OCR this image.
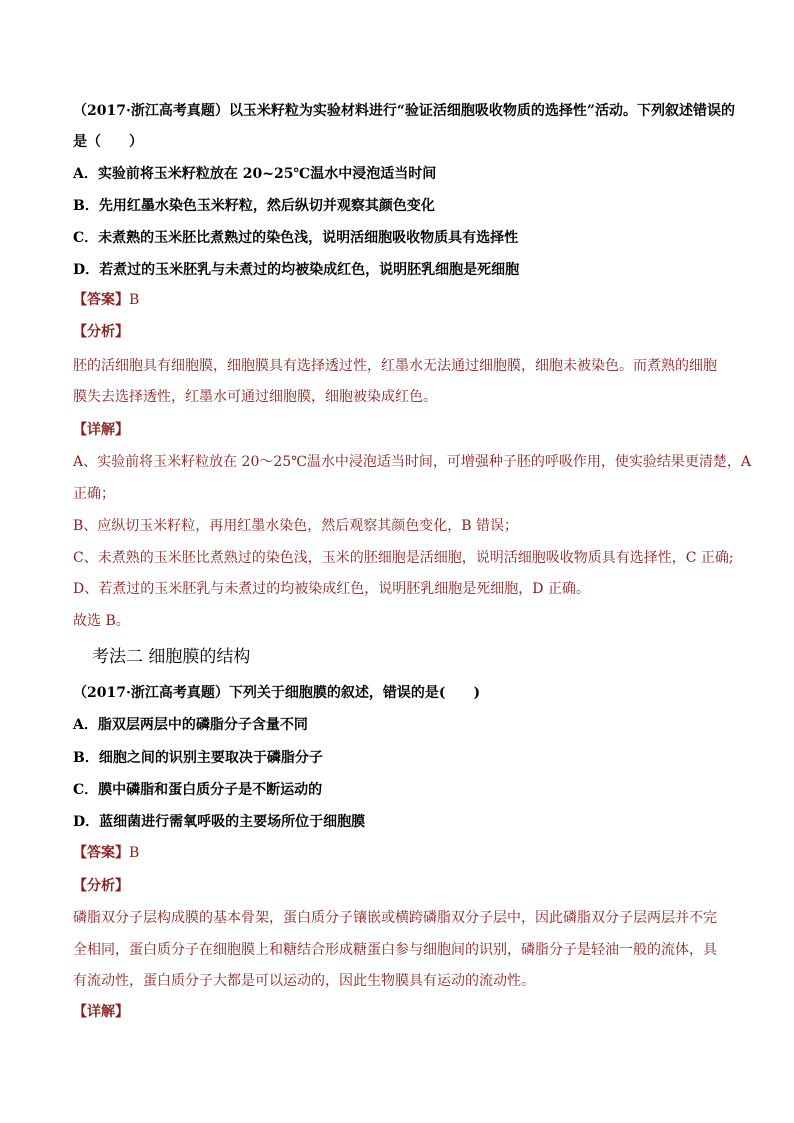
（2017·浙江高考真题）以玉米籽粒为实验材料进行“验证活细胞吸收物质的选择性”活动。下列叙述错误的
是（　　）
A．实验前将玉米籽粒放在 20~25℃温水中浸泡适当时间
B．先用红墨水染色玉米籽粒，然后纵切并观察其颜色变化
C．未煮熟的玉米胚比煮熟过的染色浅，说明活细胞吸收物质具有选择性
D．若煮过的玉米胚乳与未煮过的均被染成红色，说明胚乳细胞是死细胞
【答案】B
【分析】
胚的活细胞具有细胞膜，细胞膜具有选择透过性，红墨水无法通过细胞膜，细胞未被染色。而煮熟的细胞
膜失去选择透性，红墨水可通过细胞膜，细胞被染成红色。
【详解】
A、实验前将玉米籽粒放在 20～25℃温水中浸泡适当时间，可增强种子胚的呼吸作用，使实验结果更清楚，A
正确；
B、应纵切玉米籽粒，再用红墨水染色，然后观察其颜色变化，B 错误；
C、未煮熟的玉米胚比煮熟过的染色浅，玉米的胚细胞是活细胞，说明活细胞吸收物质具有选择性，C 正确;
D、若煮过的玉米胚乳与未煮过的均被染成红色，说明胚乳细胞是死细胞，D 正确。
故选 B。
考法二 细胞膜的结构
（2017·浙江高考真题）下列关于细胞膜的叙述，错误的是(　　)
A．脂双层两层中的磷脂分子含量不同
B．细胞之间的识别主要取决于磷脂分子
C．膜中磷脂和蛋白质分子是不断运动的
D．蓝细菌进行需氧呼吸的主要场所位于细胞膜
【答案】B
【分析】
磷脂双分子层构成膜的基本骨架，蛋白质分子镶嵌或横跨磷脂双分子层中，因此磷脂双分子层两层并不完
全相同，蛋白质分子在细胞膜上和糖结合形成糖蛋白参与细胞间的识别，磷脂分子是轻油一般的流体，具
有流动性，蛋白质分子大都是可以运动的，因此生物膜具有运动的流动性。
【详解】
